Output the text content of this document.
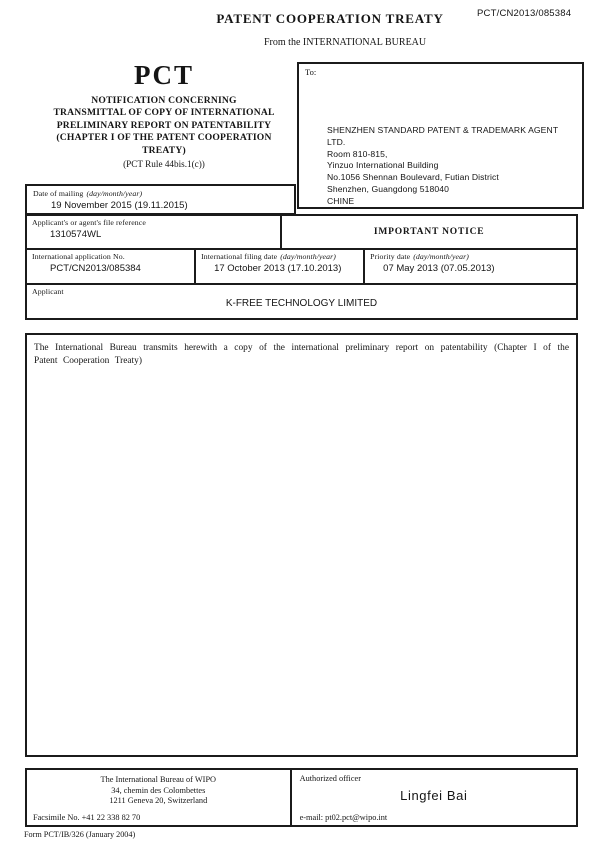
PATENT COOPERATION TREATY	PCT/CN2013/085384
From the INTERNATIONAL BUREAU
PCT
NOTIFICATION CONCERNING
TRANSMITTAL OF COPY OF INTERNATIONAL
PRELIMINARY REPORT ON PATENTABILITY
(CHAPTER I OF THE PATENT COOPERATION
TREATY)
(PCT Rule 44bis.1(c))
To:
SHENZHEN STANDARD PATENT & TRADEMARK AGENT
LTD.
Room 810-815,
Yinzuo International Building
No.1056 Shennan Boulevard, Futian District
Shenzhen, Guangdong 518040
CHINE
Date of mailing (day/month/year)
19 November 2015 (19.11.2015)
Applicant's or agent's file reference
1310574WL	IMPORTANT NOTICE
International application No.
PCT/CN2013/085384
International filing date (day/month/year)
17 October 2013 (17.10.2013)
Priority date (day/month/year)
07 May 2013 (07.05.2013)
Applicant
K-FREE TECHNOLOGY LIMITED
The International Bureau transmits herewith a copy of the international preliminary report on patentability (Chapter I of the Patent Cooperation Treaty)
The International Bureau of WIPO
34, chemin des Colombettes
1211 Geneva 20, Switzerland
Facsimile No. +41 22 338 82 70
Authorized officer
Lingfei Bai
e-mail: pt02.pct@wipo.int
Form PCT/IB/326 (January 2004)
